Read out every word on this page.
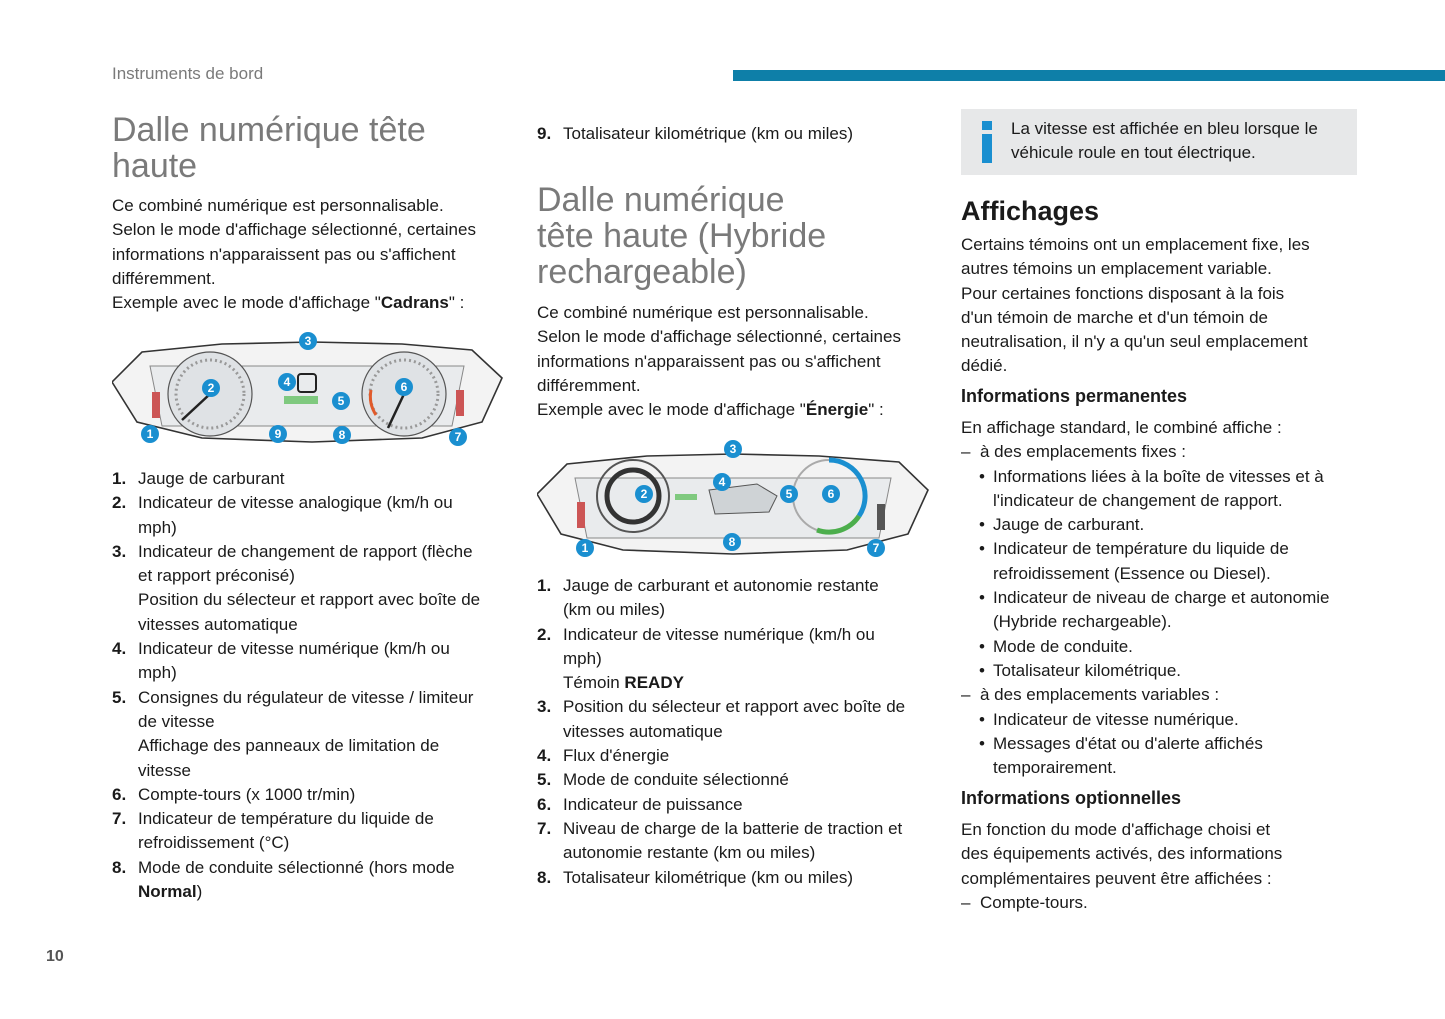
Instruments de bord
Dalle numérique tête
haute
Ce combiné numérique est personnalisable.
Selon le mode d'affichage sélectionné, certaines
informations n'apparaissent pas ou s'affichent
différemment.
Exemple avec le mode d'affichage "Cadrans" :
1
2
3
4
5
6
7
8
9
1. Jauge de carburant
2. Indicateur de vitesse analogique (km/h ou
mph)
3. Indicateur de changement de rapport (flèche
et rapport préconisé)
Position du sélecteur et rapport avec boîte de
vitesses automatique
4. Indicateur de vitesse numérique (km/h ou
mph)
5. Consignes du régulateur de vitesse / limiteur
de vitesse
Affichage des panneaux de limitation de
vitesse
6. Compte-tours (x 1000 tr/min)
7. Indicateur de température du liquide de
refroidissement (°C)
8. Mode de conduite sélectionné (hors mode
Normal)
9. Totalisateur kilométrique (km ou miles)
Dalle numérique
tête haute (Hybride
rechargeable)
Ce combiné numérique est personnalisable.
Selon le mode d'affichage sélectionné, certaines
informations n'apparaissent pas ou s'affichent
différemment.
Exemple avec le mode d'affichage "Énergie" :
1
2
3
4
5	6
7
8
1. Jauge de carburant et autonomie restante
(km ou miles)
2. Indicateur de vitesse numérique (km/h ou
mph)
Témoin READY
3. Position du sélecteur et rapport avec boîte de
vitesses automatique
4. Flux d'énergie
5. Mode de conduite sélectionné
6. Indicateur de puissance
7. Niveau de charge de la batterie de traction et
autonomie restante (km ou miles)
8. Totalisateur kilométrique (km ou miles)
La vitesse est affichée en bleu lorsque le
véhicule roule en tout électrique.
Affichages
Certains témoins ont un emplacement fixe, les
autres témoins un emplacement variable.
Pour certaines fonctions disposant à la fois
d'un témoin de marche et d'un témoin de
neutralisation, il n'y a qu'un seul emplacement
dédié.
Informations permanentes
En affichage standard, le combiné affiche :
– à des emplacements fixes :
• Informations liées à la boîte de vitesses et à
l'indicateur de changement de rapport.
• Jauge de carburant.
• Indicateur de température du liquide de
refroidissement (Essence ou Diesel).
• Indicateur de niveau de charge et autonomie
(Hybride rechargeable).
• Mode de conduite.
• Totalisateur kilométrique.
– à des emplacements variables :
• Indicateur de vitesse numérique.
• Messages d'état ou d'alerte affichés
temporairement.
Informations optionnelles
En fonction du mode d'affichage choisi et
des équipements activés, des informations
complémentaires peuvent être affichées :
– Compte-tours.
10
